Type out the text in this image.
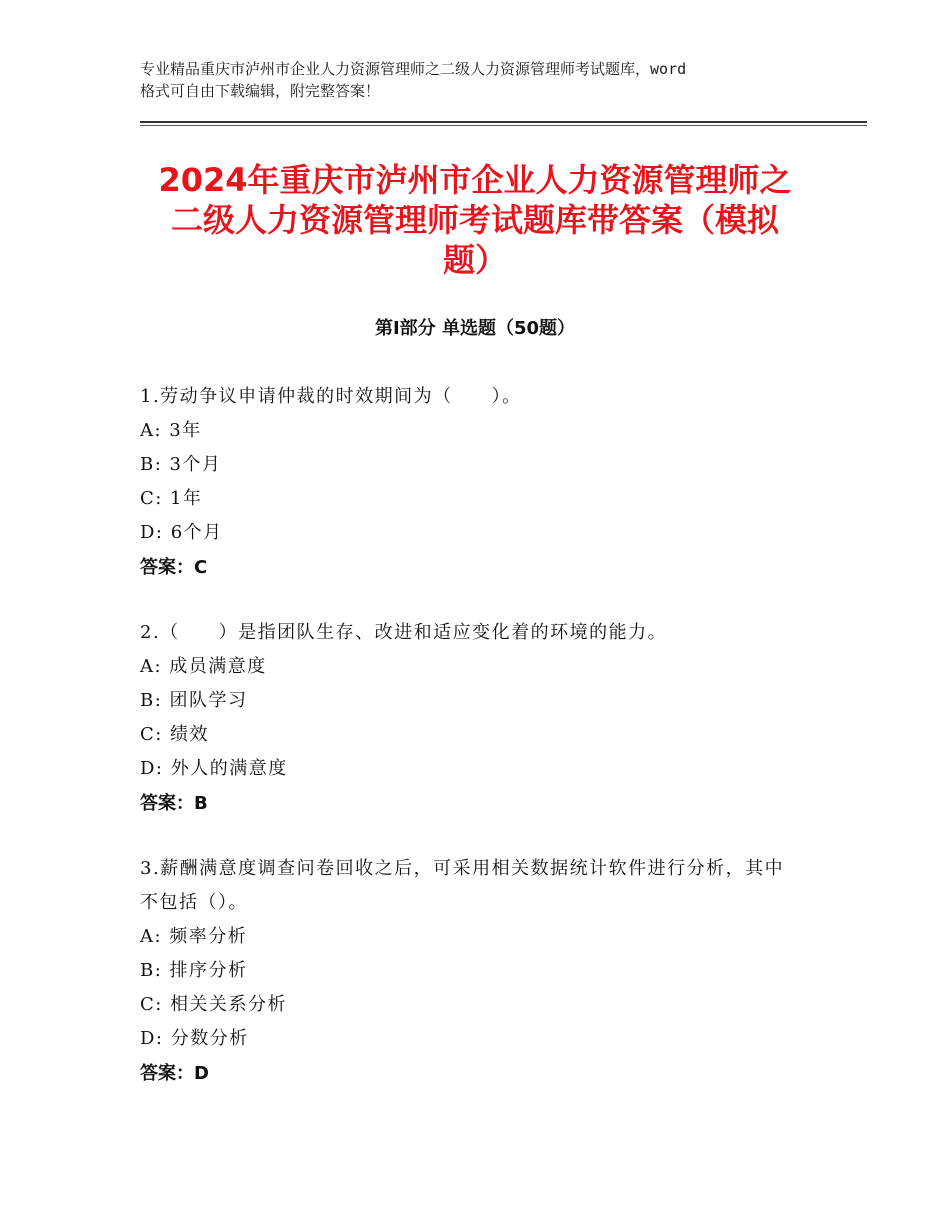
专业精品重庆市泸州市企业人力资源管理师之二级人力资源管理师考试题库，word
格式可自由下载编辑，附完整答案！
2024年重庆市泸州市企业人力资源管理师之
二级人力资源管理师考试题库带答案（模拟
题）
第Ⅰ部分 单选题（50题）
1.劳动争议申请仲裁的时效期间为（　　）。
A: 3年
B: 3个月
C: 1年
D: 6个月
答案：C
2.（　　）是指团队生存、改进和适应变化着的环境的能力。
A: 成员满意度
B: 团队学习
C: 绩效
D: 外人的满意度
答案：B
3.薪酬满意度调查问卷回收之后，可采用相关数据统计软件进行分析，其中不包括（）。
A: 频率分析
B: 排序分析
C: 相关关系分析
D: 分数分析
答案：D
